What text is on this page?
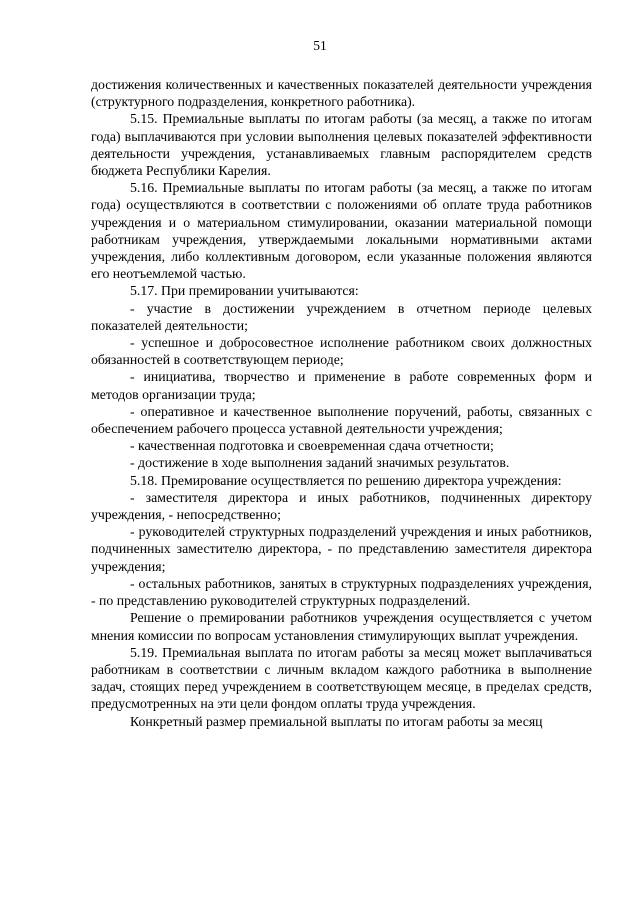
51

достижения количественных и качественных показателей деятельности учреждения (структурного подразделения, конкретного работника).

5.15. Премиальные выплаты по итогам работы (за месяц, а также по итогам года) выплачиваются при условии выполнения целевых показателей эффективности деятельности учреждения, устанавливаемых главным распорядителем средств бюджета Республики Карелия.

5.16. Премиальные выплаты по итогам работы (за месяц, а также по итогам года) осуществляются в соответствии с положениями об оплате труда работников учреждения и о материальном стимулировании, оказании материальной помощи работникам учреждения, утверждаемыми локальными нормативными актами учреждения, либо коллективным договором, если указанные положения являются его неотъемлемой частью.

5.17. При премировании учитываются:

- участие в достижении учреждением в отчетном периоде целевых показателей деятельности;

- успешное и добросовестное исполнение работником своих должностных обязанностей в соответствующем периоде;

- инициатива, творчество и применение в работе современных форм и методов организации труда;

- оперативное и качественное выполнение поручений, работы, связанных с обеспечением рабочего процесса уставной деятельности учреждения;

- качественная подготовка и своевременная сдача отчетности;

- достижение в ходе выполнения заданий значимых результатов.

5.18. Премирование осуществляется по решению директора учреждения:

- заместителя директора и иных работников, подчиненных директору учреждения, - непосредственно;

- руководителей структурных подразделений учреждения и иных работников, подчиненных заместителю директора, - по представлению заместителя директора учреждения;

- остальных работников, занятых в структурных подразделениях учреждения, - по представлению руководителей структурных подразделений.

Решение о премировании работников учреждения осуществляется с учетом мнения комиссии по вопросам установления стимулирующих выплат учреждения.

5.19. Премиальная выплата по итогам работы за месяц может выплачиваться работникам в соответствии с личным вкладом каждого работника в выполнение задач, стоящих перед учреждением в соответствующем месяце, в пределах средств, предусмотренных на эти цели фондом оплаты труда учреждения.

Конкретный размер премиальной выплаты по итогам работы за месяц
